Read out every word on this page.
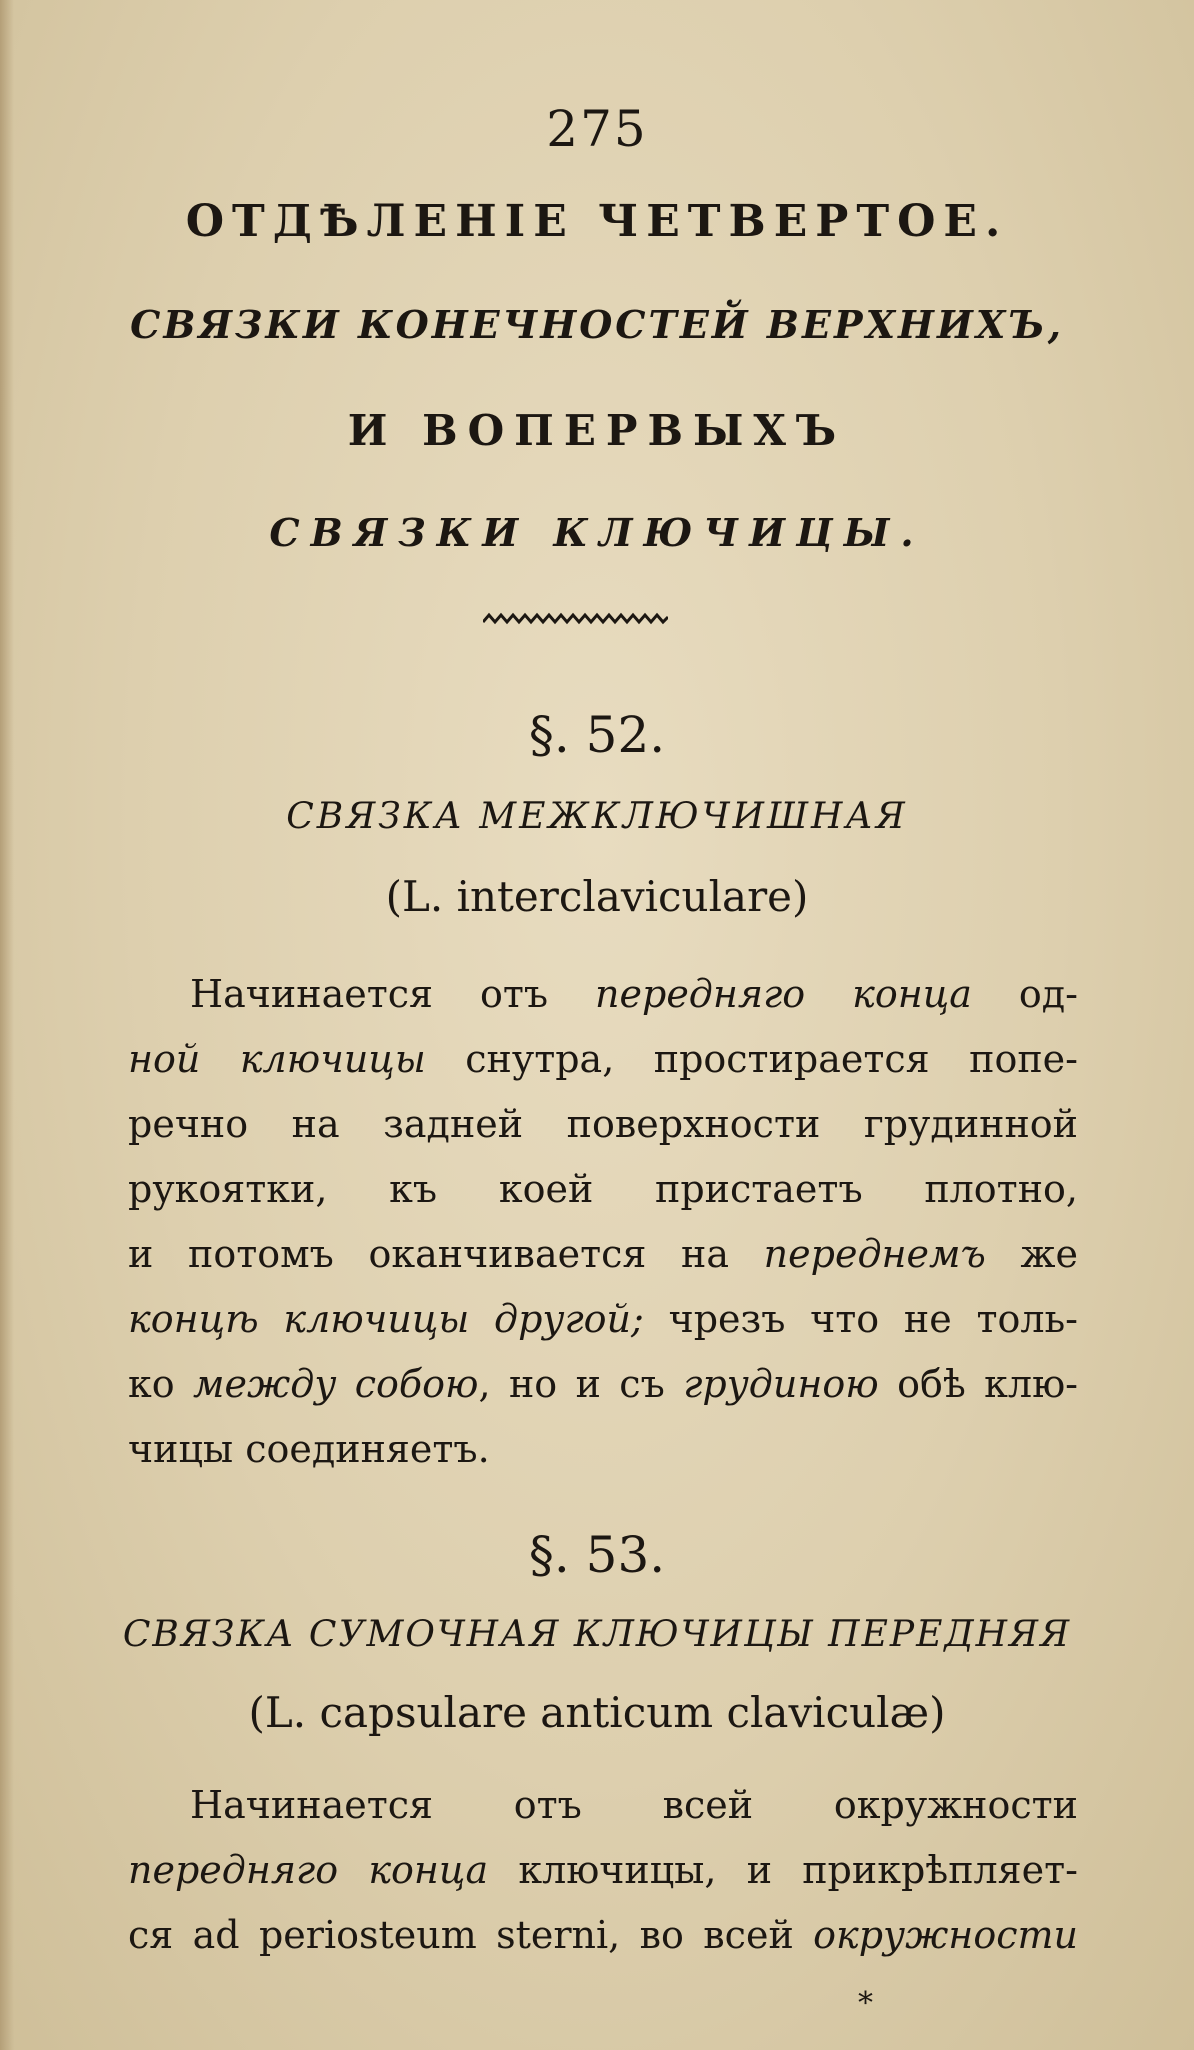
275
ОТДѢЛЕНІЕ ЧЕТВЕРТОЕ.
СВЯЗКИ КОНЕЧНОСТЕЙ ВЕРХНИХЪ,
И ВОПЕРВЫХЪ
СВЯЗКИ КЛЮЧИЦЫ.
§. 52.
СВЯЗКА МЕЖКЛЮЧИШНАЯ
(L. interclaviculare)
Начинается отъ передняго конца од-
ной ключицы снутра, простирается попе-
речно на задней поверхности грудинной
рукоятки, къ коей пристаетъ плотно,
и потомъ оканчивается на переднемъ же
концѣ ключицы другой; чрезъ что не толь-
ко между собою, но и съ грудиною обѣ клю-
чицы соединяетъ.
§. 53.
СВЯЗКА СУМОЧНАЯ КЛЮЧИЦЫ ПЕРЕДНЯЯ
(L. capsulare anticum claviculæ)
Начинается отъ всей окружности
передняго конца ключицы, и прикрѣпляет-
ся ad periosteum sterni, во всей окружности
*
